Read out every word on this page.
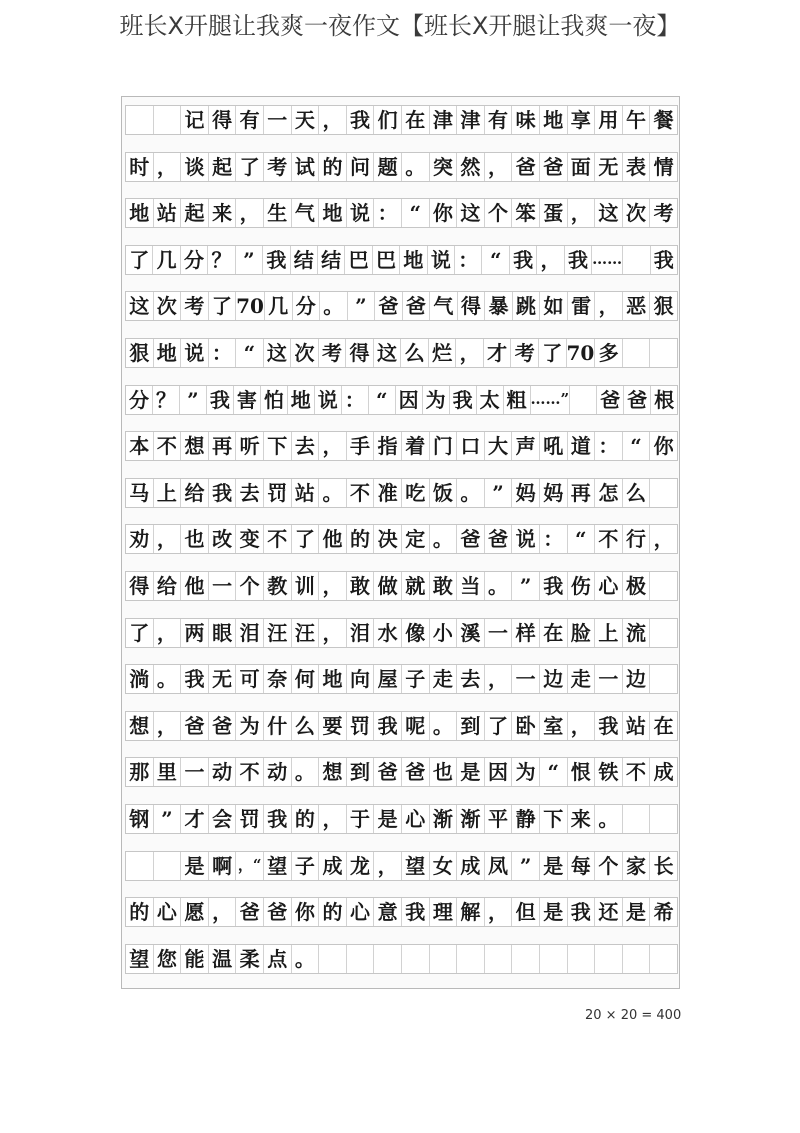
班长X开腿让我爽一夜作文【班长Ⅹ开腿让我爽一夜】
记 得 有 一 天 ， 我 们 在 津 津 有 味 地 享 用 午 餐
时 ， 谈 起 了 考 试 的 问 题 。 突 然 ， 爸 爸 面 无 表 情
地 站 起 来 ， 生 气 地 说 ： “ 你 这 个 笨 蛋 ， 这 次 考
了 几 分 ？ ” 我 结 结 巴 巴 地 说 ： “ 我 ， 我 …… 我
这 次 考 了 70 几 分 。 ” 爸 爸 气 得 暴 跳 如 雷 ， 恶 狠
狠 地 说 ： “ 这 次 考 得 这 么 烂 ， 才 考 了 70 多
分 ？ ” 我 害 怕 地 说 ： “ 因 为 我 太 粗 ……” 爸 爸 根
本 不 想 再 听 下 去 ， 手 指 着 门 口 大 声 吼 道 ： “ 你
马 上 给 我 去 罚 站 。 不 准 吃 饭 。 ” 妈 妈 再 怎 么
劝 ， 也 改 变 不 了 他 的 决 定 。 爸 爸 说 ： “ 不 行 ，
得 给 他 一 个 教 训 ， 敢 做 就 敢 当 。 ” 我 伤 心 极
了 ， 两 眼 泪 汪 汪 ， 泪 水 像 小 溪 一 样 在 脸 上 流
淌 。 我 无 可 奈 何 地 向 屋 子 走 去 ， 一 边 走 一 边
想 ， 爸 爸 为 什 么 要 罚 我 呢 。 到 了 卧 室 ， 我 站 在
那 里 一 动 不 动 。 想 到 爸 爸 也 是 因 为 “ 恨 铁 不 成
钢 ” 才 会 罚 我 的 ， 于 是 心 渐 渐 平 静 下 来 。
是 啊 ，“ 望 子 成 龙 ， 望 女 成 凤 ” 是 每 个 家 长
的 心 愿 ， 爸 爸 你 的 心 意 我 理 解 ， 但 是 我 还 是 希
望 您 能 温 柔 点 。
20 × 20 = 400
